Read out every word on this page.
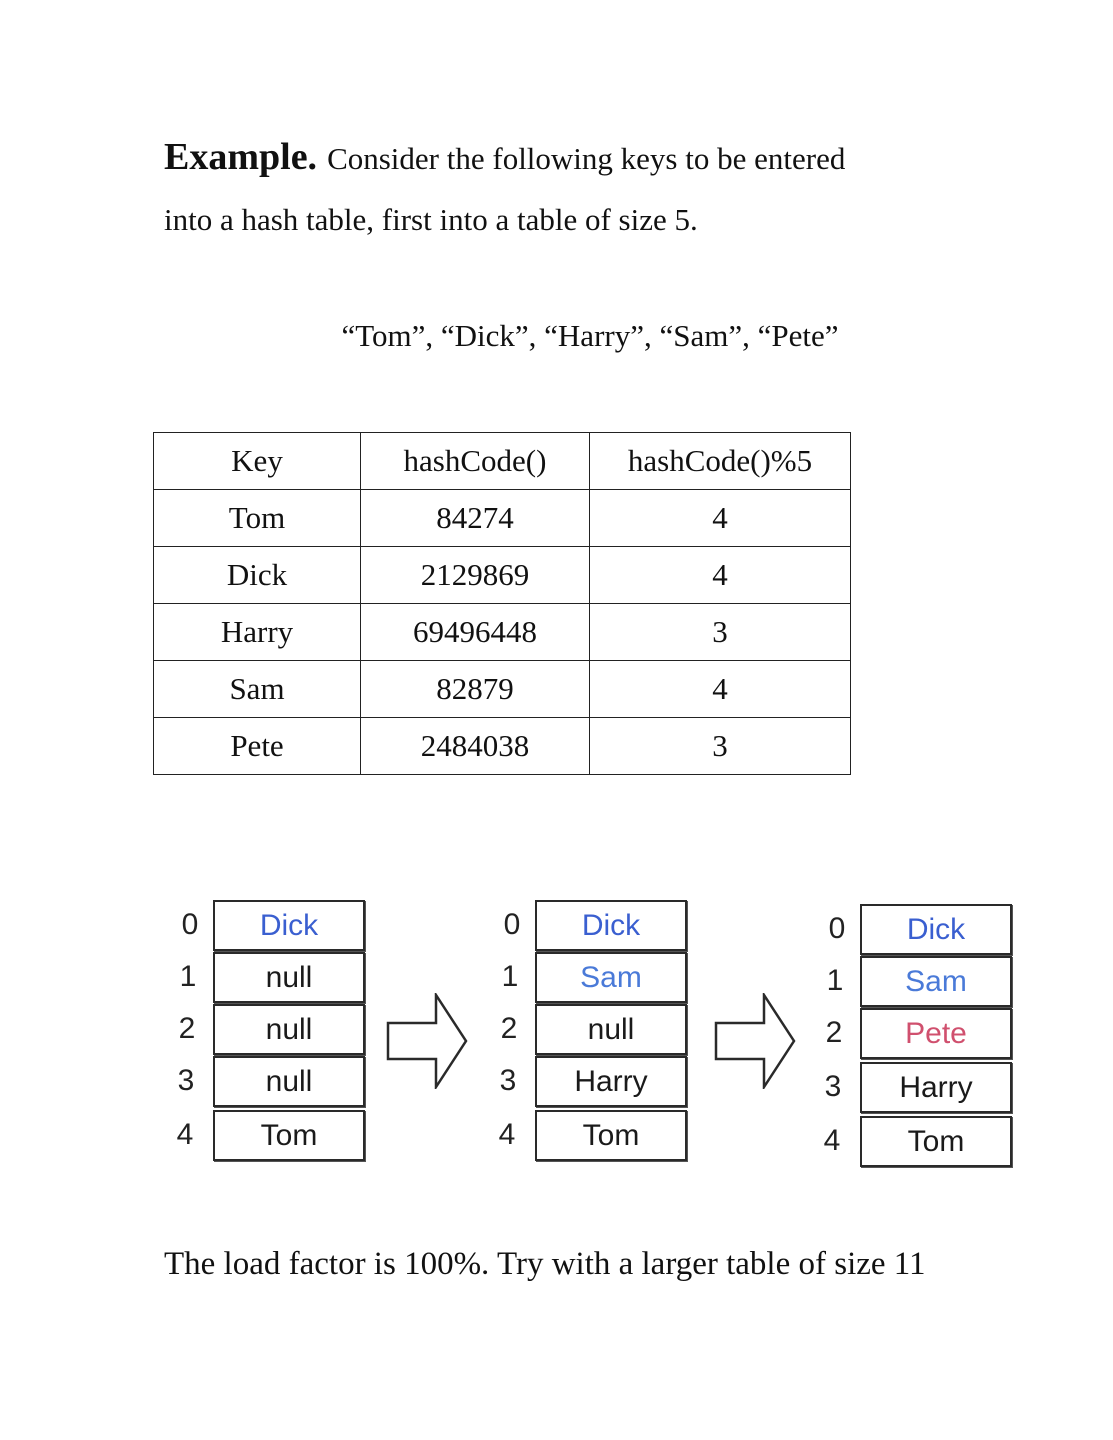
Example. Consider the following keys to be entered
into a hash table, first into a table of size 5.
“Tom”, “Dick”, “Harry”, “Sam”, “Pete”
Key	hashCode()	hashCode()%5
Tom	84274	4
Dick	2129869	4
Harry	69496448	3
Sam	82879	4
Pete	2484038	3
0 Dick
1 null
2 null
3 null
4 Tom
0 Dick
1 Sam
2 null
3 Harry
4 Tom
0 Dick
1 Sam
2 Pete
3 Harry
4 Tom
The load factor is 100%. Try with a larger table of size 11
